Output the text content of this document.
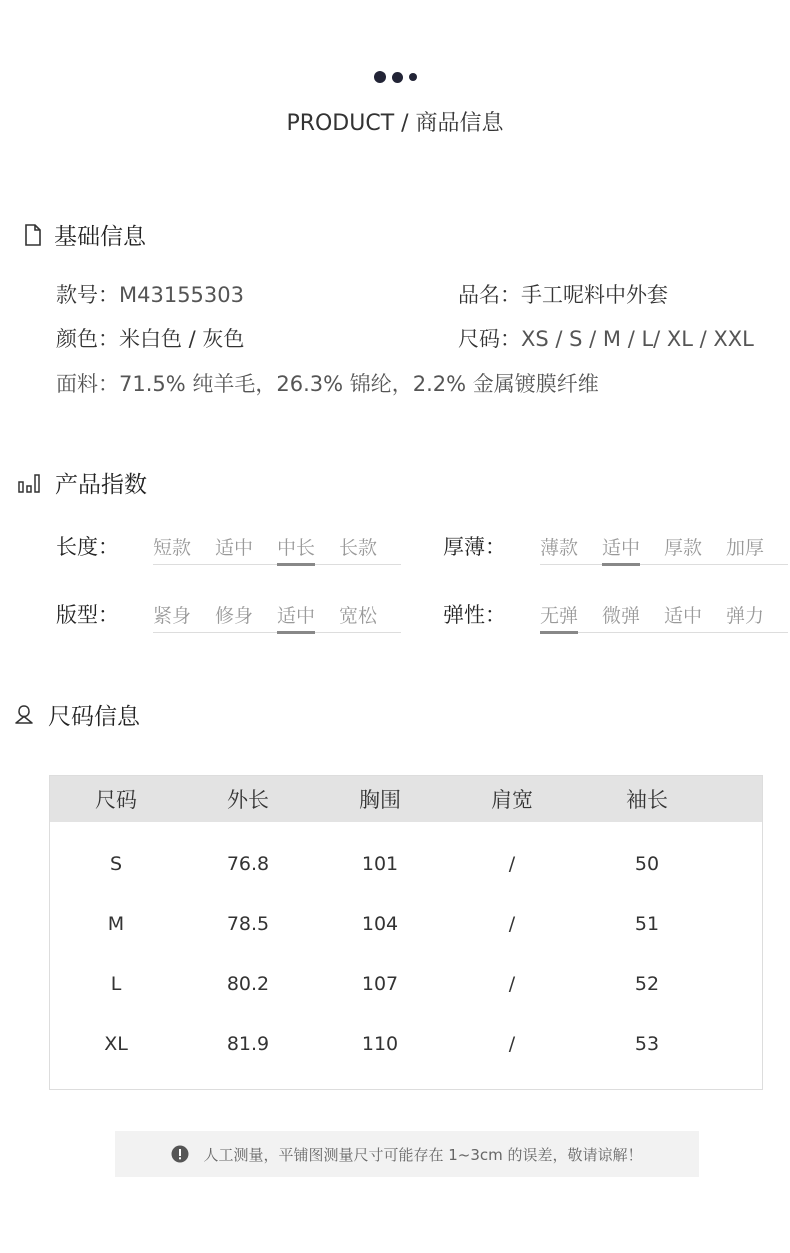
PRODUCT / 商品信息
基础信息
款号：M43155303	品名：手工呢料中外套
颜色：米白色 / 灰色	尺码：XS / S / M / L/ XL / XXL
面料：71.5% 纯羊毛，26.3% 锦纶，2.2% 金属镀膜纤维
产品指数
长度： 短款	适中	中长	长款	厚薄： 薄款	适中	厚款	加厚
版型： 紧身	修身	适中	宽松	弹性： 无弹	微弹	适中	弹力
尺码信息
尺码	外长	胸围	肩宽	袖长
S	76.8	101	/	50
M	78.5	104	/	51
L	80.2	107	/	52
XL	81.9	110	/	53
人工测量，平铺图测量尺寸可能存在 1~3cm 的误差，敬请谅解！
